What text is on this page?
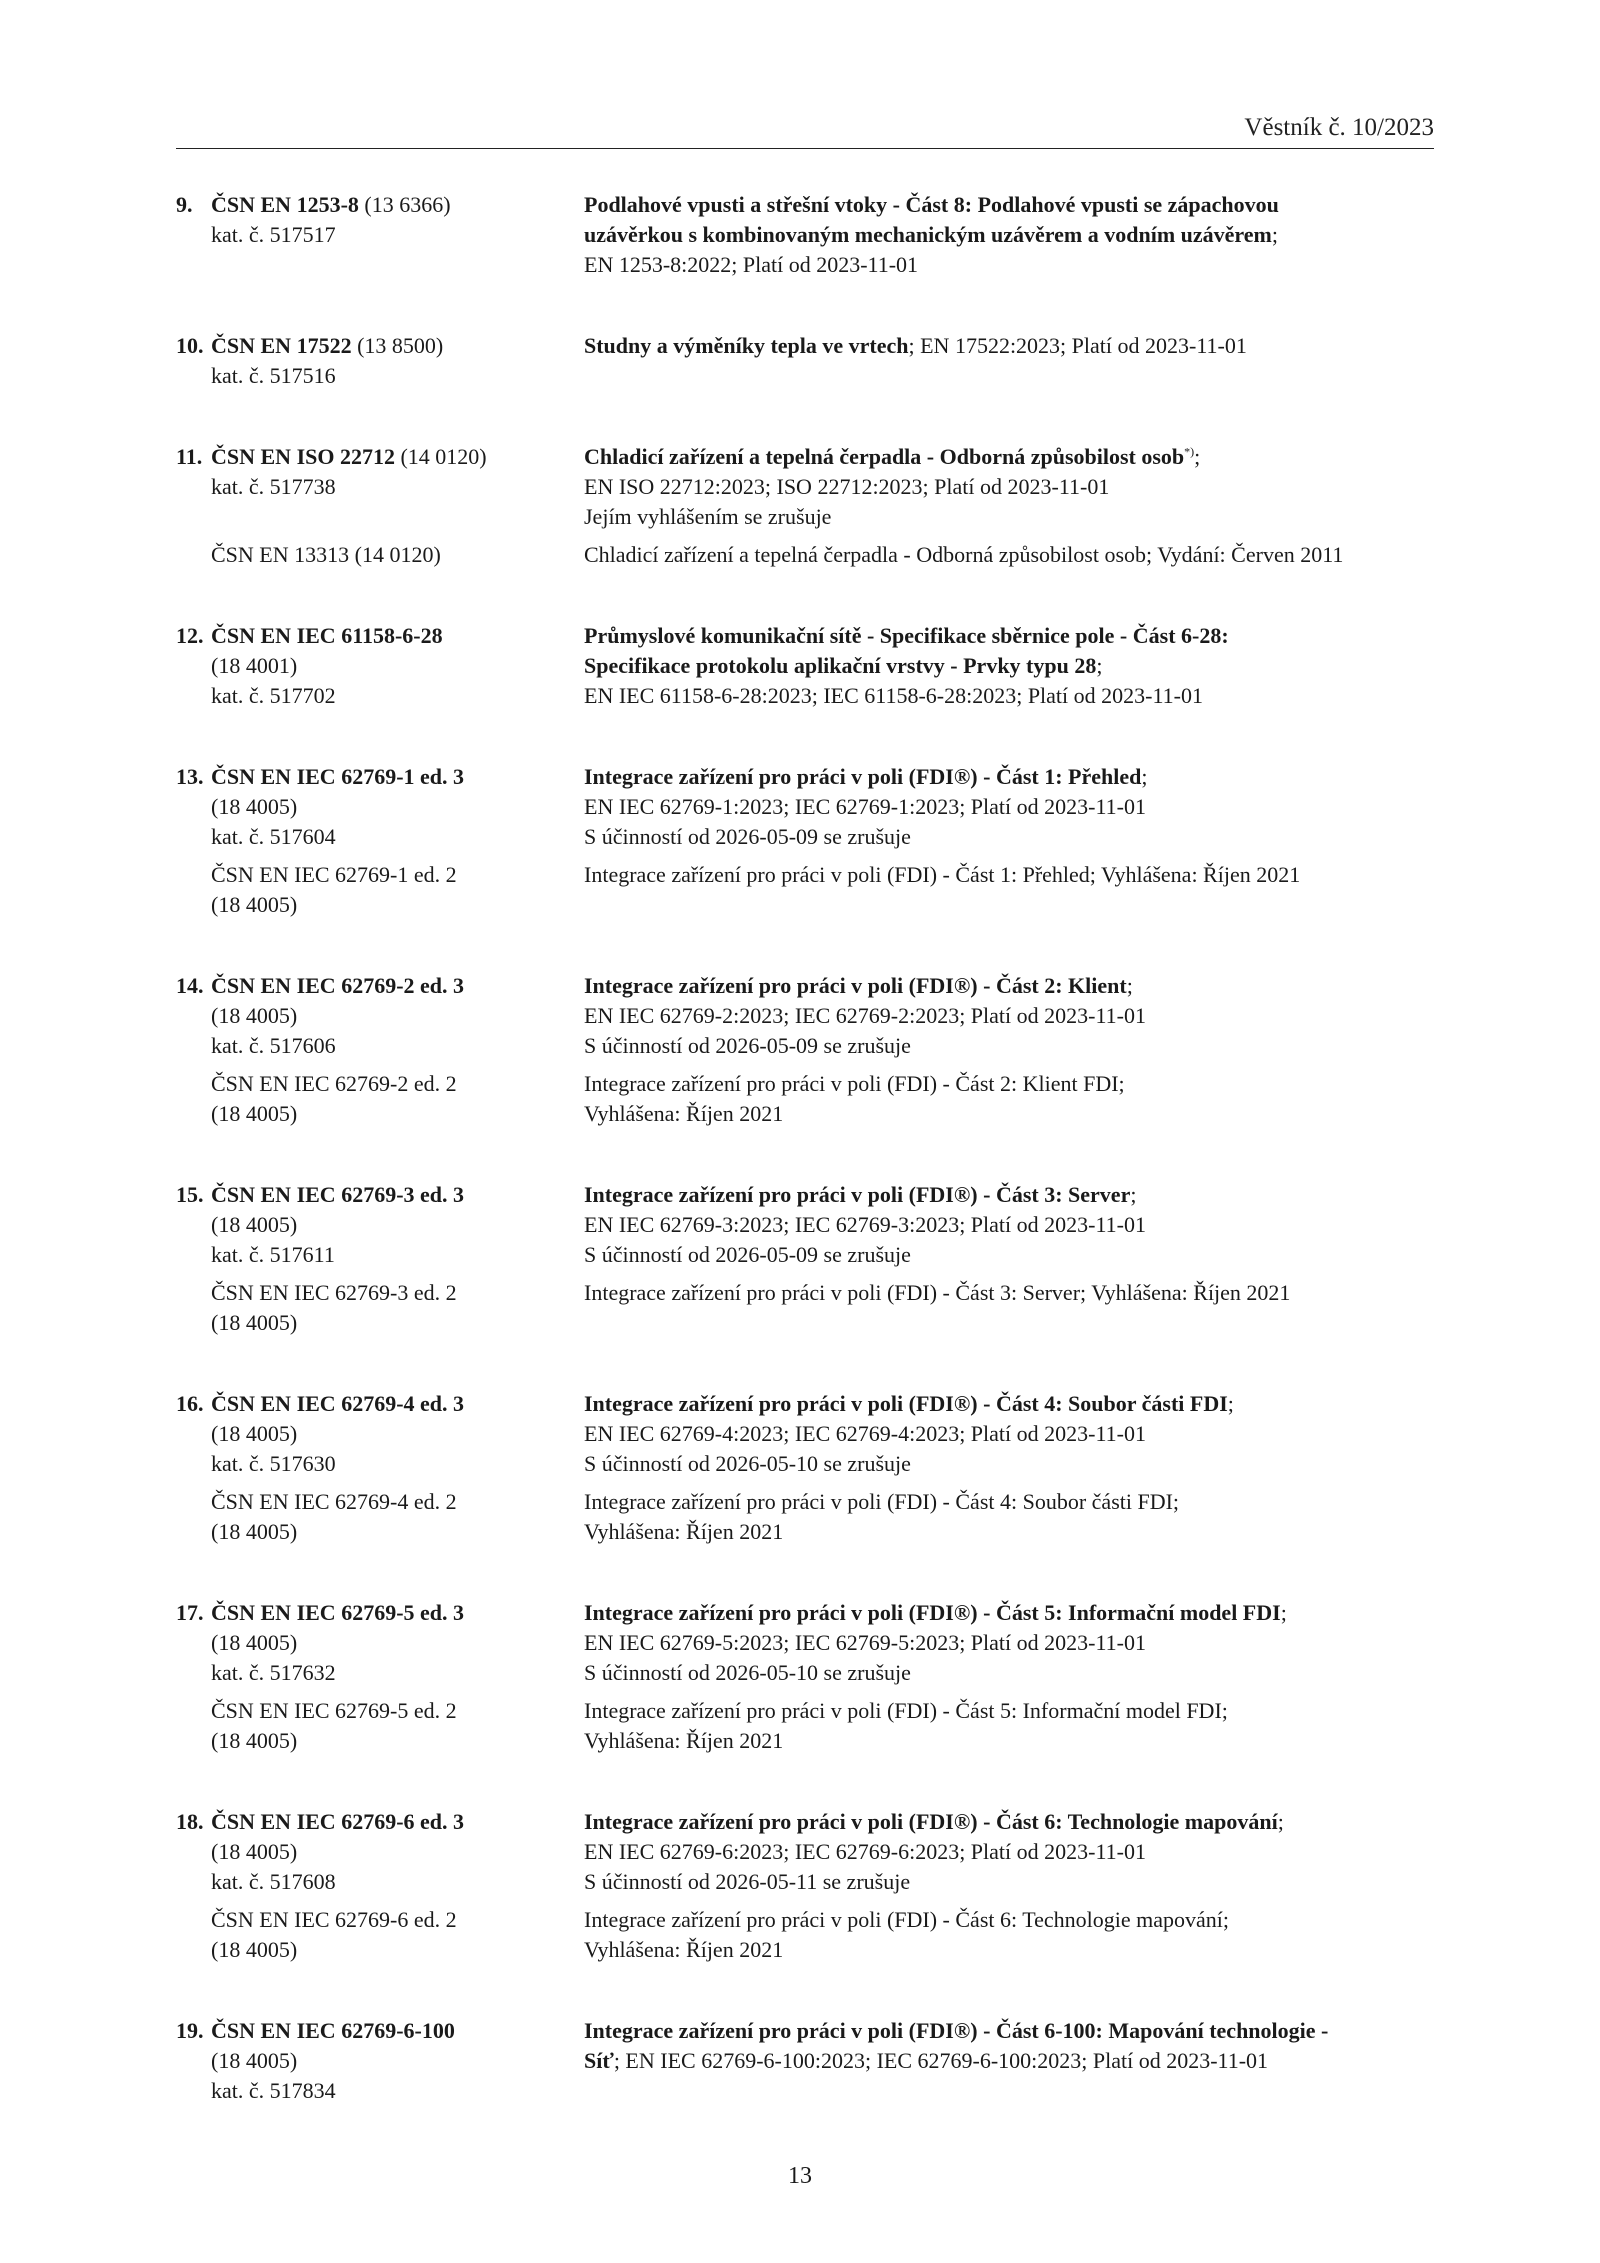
Věstník č. 10/2023
9. ČSN EN 1253-8 (13 6366)
kat. č. 517517
Podlahové vpusti a střešní vtoky - Část 8: Podlahové vpusti se zápachovou
uzávěrkou s kombinovaným mechanickým uzávěrem a vodním uzávěrem;
EN 1253-8:2022; Platí od 2023-11-01
10. ČSN EN 17522 (13 8500)
kat. č. 517516
Studny a výměníky tepla ve vrtech; EN 17522:2023; Platí od 2023-11-01
11. ČSN EN ISO 22712 (14 0120)
kat. č. 517738
Chladicí zařízení a tepelná čerpadla - Odborná způsobilost osob*);
EN ISO 22712:2023; ISO 22712:2023; Platí od 2023-11-01
Jejím vyhlášením se zrušuje
ČSN EN 13313 (14 0120)	Chladicí zařízení a tepelná čerpadla - Odborná způsobilost osob; Vydání: Červen 2011
12. ČSN EN IEC 61158-6-28
(18 4001)
kat. č. 517702
Průmyslové komunikační sítě - Specifikace sběrnice pole - Část 6-28:
Specifikace protokolu aplikační vrstvy - Prvky typu 28;
EN IEC 61158-6-28:2023; IEC 61158-6-28:2023; Platí od 2023-11-01
13. ČSN EN IEC 62769-1 ed. 3
(18 4005)
kat. č. 517604
Integrace zařízení pro práci v poli (FDI®) - Část 1: Přehled;
EN IEC 62769-1:2023; IEC 62769-1:2023; Platí od 2023-11-01
S účinností od 2026-05-09 se zrušuje
ČSN EN IEC 62769-1 ed. 2
(18 4005)
Integrace zařízení pro práci v poli (FDI) - Část 1: Přehled; Vyhlášena: Říjen 2021
14. ČSN EN IEC 62769-2 ed. 3
(18 4005)
kat. č. 517606
Integrace zařízení pro práci v poli (FDI®) - Část 2: Klient;
EN IEC 62769-2:2023; IEC 62769-2:2023; Platí od 2023-11-01
S účinností od 2026-05-09 se zrušuje
ČSN EN IEC 62769-2 ed. 2
(18 4005)
Integrace zařízení pro práci v poli (FDI) - Část 2: Klient FDI;
Vyhlášena: Říjen 2021
15. ČSN EN IEC 62769-3 ed. 3
(18 4005)
kat. č. 517611
Integrace zařízení pro práci v poli (FDI®) - Část 3: Server;
EN IEC 62769-3:2023; IEC 62769-3:2023; Platí od 2023-11-01
S účinností od 2026-05-09 se zrušuje
ČSN EN IEC 62769-3 ed. 2
(18 4005)
Integrace zařízení pro práci v poli (FDI) - Část 3: Server; Vyhlášena: Říjen 2021
16. ČSN EN IEC 62769-4 ed. 3
(18 4005)
kat. č. 517630
Integrace zařízení pro práci v poli (FDI®) - Část 4: Soubor části FDI;
EN IEC 62769-4:2023; IEC 62769-4:2023; Platí od 2023-11-01
S účinností od 2026-05-10 se zrušuje
ČSN EN IEC 62769-4 ed. 2
(18 4005)
Integrace zařízení pro práci v poli (FDI) - Část 4: Soubor části FDI;
Vyhlášena: Říjen 2021
17. ČSN EN IEC 62769-5 ed. 3
(18 4005)
kat. č. 517632
Integrace zařízení pro práci v poli (FDI®) - Část 5: Informační model FDI;
EN IEC 62769-5:2023; IEC 62769-5:2023; Platí od 2023-11-01
S účinností od 2026-05-10 se zrušuje
ČSN EN IEC 62769-5 ed. 2
(18 4005)
Integrace zařízení pro práci v poli (FDI) - Část 5: Informační model FDI;
Vyhlášena: Říjen 2021
18. ČSN EN IEC 62769-6 ed. 3
(18 4005)
kat. č. 517608
Integrace zařízení pro práci v poli (FDI®) - Část 6: Technologie mapování;
EN IEC 62769-6:2023; IEC 62769-6:2023; Platí od 2023-11-01
S účinností od 2026-05-11 se zrušuje
ČSN EN IEC 62769-6 ed. 2
(18 4005)
Integrace zařízení pro práci v poli (FDI) - Část 6: Technologie mapování;
Vyhlášena: Říjen 2021
19. ČSN EN IEC 62769-6-100
(18 4005)
kat. č. 517834
Integrace zařízení pro práci v poli (FDI®) - Část 6-100: Mapování technologie -
Síť; EN IEC 62769-6-100:2023; IEC 62769-6-100:2023; Platí od 2023-11-01
13
